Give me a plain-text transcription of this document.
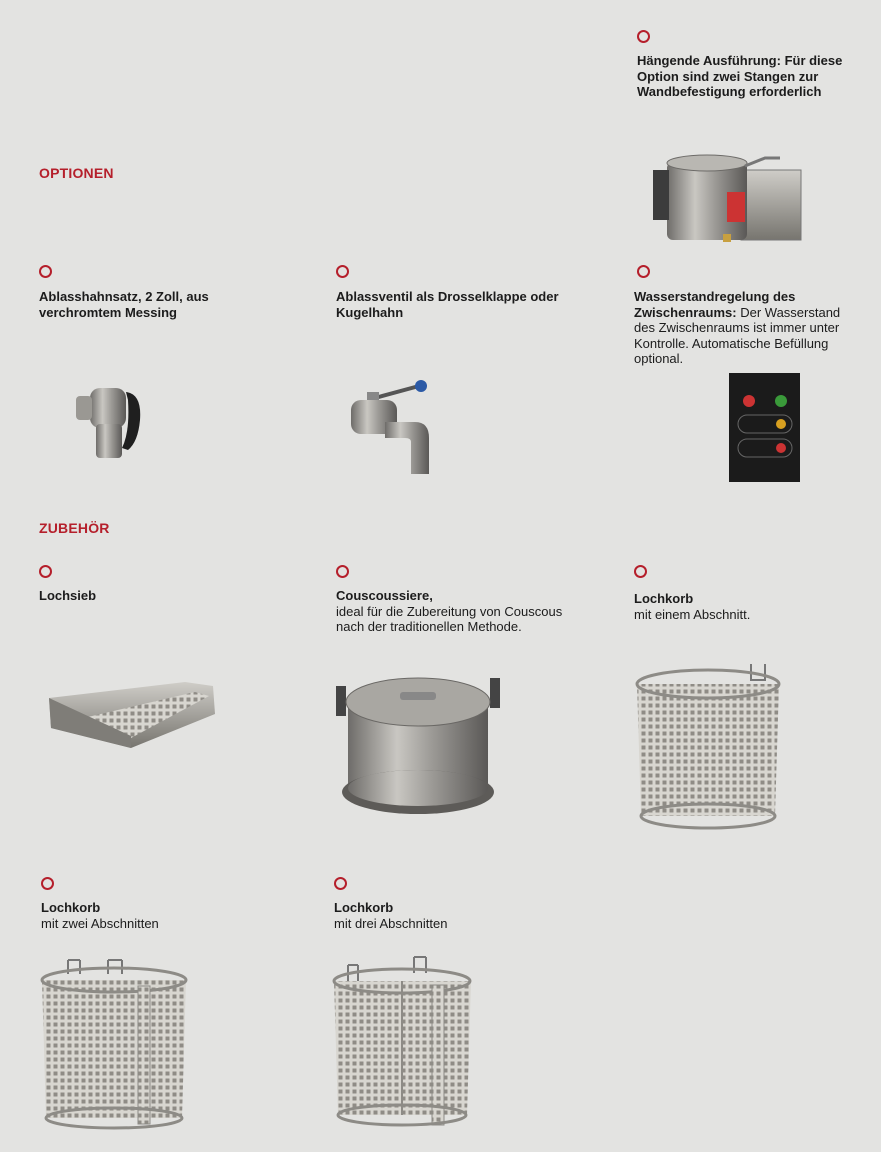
Hängende Ausführung: Für diese Option sind zwei Stangen zur Wandbefestigung erforderlich
OPTIONEN
Ablasshahnsatz, 2 Zoll, aus verchromtem Messing
Ablassventil als Drosselklappe oder Kugelhahn
Wasserstandregelung des Zwischenraums: Der Wasserstand des Zwischenraums ist immer unter Kontrolle. Automatische Befüllung optional.
ZUBEHÖR
Lochsieb	Couscoussiere,
ideal für die Zubereitung von Couscous nach der traditionellen Methode.
Lochkorb
mit einem Abschnitt.
Lochkorb
mit zwei Abschnitten
Lochkorb
mit drei Abschnitten
